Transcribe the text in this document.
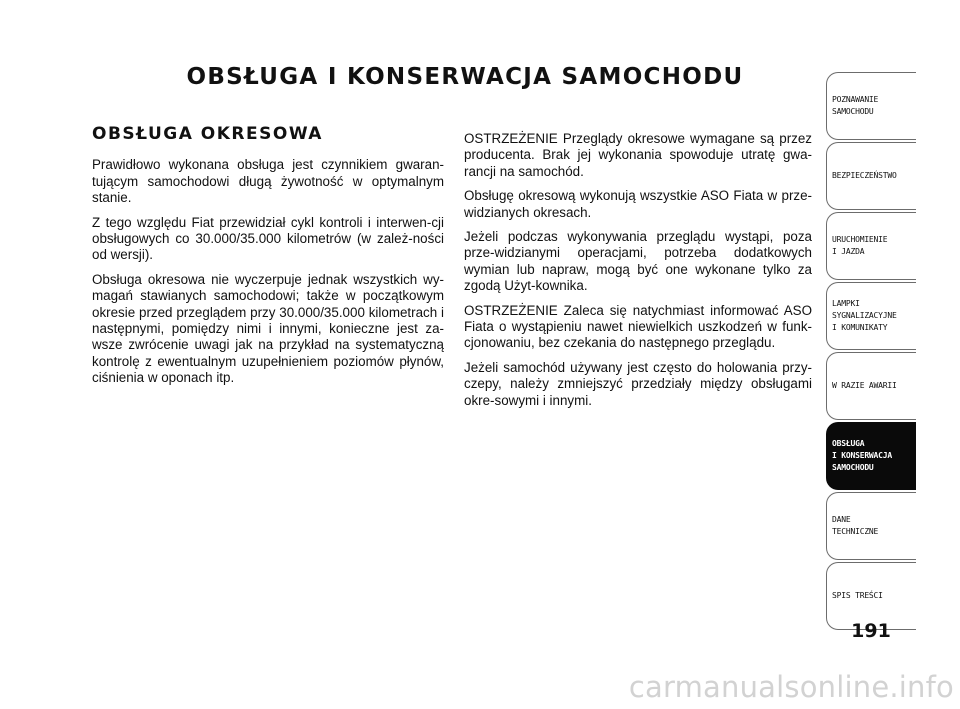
OBSŁUGA I KONSERWACJA SAMOCHODU
OBSŁUGA OKRESOWA

Prawidłowo wykonana obsługa jest czynnikiem gwaran-tującym samochodowi długą żywotność w optymalnym stanie.

Z tego względu Fiat przewidział cykl kontroli i interwen-cji obsługowych co 30.000/35.000 kilometrów (w zależ-ności od wersji).

Obsługa okresowa nie wyczerpuje jednak wszystkich wy-magań stawianych samochodowi; także w początkowym okresie przed przeglądem przy 30.000/35.000 kilometrach i następnymi, pomiędzy nimi i innymi, konieczne jest za-wsze zwrócenie uwagi jak na przykład na systematyczną kontrolę z ewentualnym uzupełnieniem poziomów płynów, ciśnienia w oponach itp.

OSTRZEŻENIE Przeglądy okresowe wymagane są przez producenta. Brak jej wykonania spowoduje utratę gwa-rancji na samochód.

Obsługę okresową wykonują wszystkie ASO Fiata w prze-widzianych okresach.

Jeżeli podczas wykonywania przeglądu wystąpi, poza prze-widzianymi operacjami, potrzeba dodatkowych wymian lub napraw, mogą być one wykonane tylko za zgodą Użyt-kownika.

OSTRZEŻENIE Zaleca się natychmiast informować ASO Fiata o wystąpieniu nawet niewielkich uszkodzeń w funk-cjonowaniu, bez czekania do następnego przeglądu.

Jeżeli samochód używany jest często do holowania przy-czepy, należy zmniejszyć przedziały między obsługami okre-sowymi i innymi.

POZNAWANIE
SAMOCHODU
BEZPIECZEŃSTWO
URUCHOMIENIE
I JAZDA
LAMPKI
SYGNALIZACYJNE
I KOMUNIKATY
W RAZIE AWARII
OBSŁUGA
I KONSERWACJA
SAMOCHODU
DANE
TECHNICZNE
SPIS TREŚCI
191
carmanualsonline.info
